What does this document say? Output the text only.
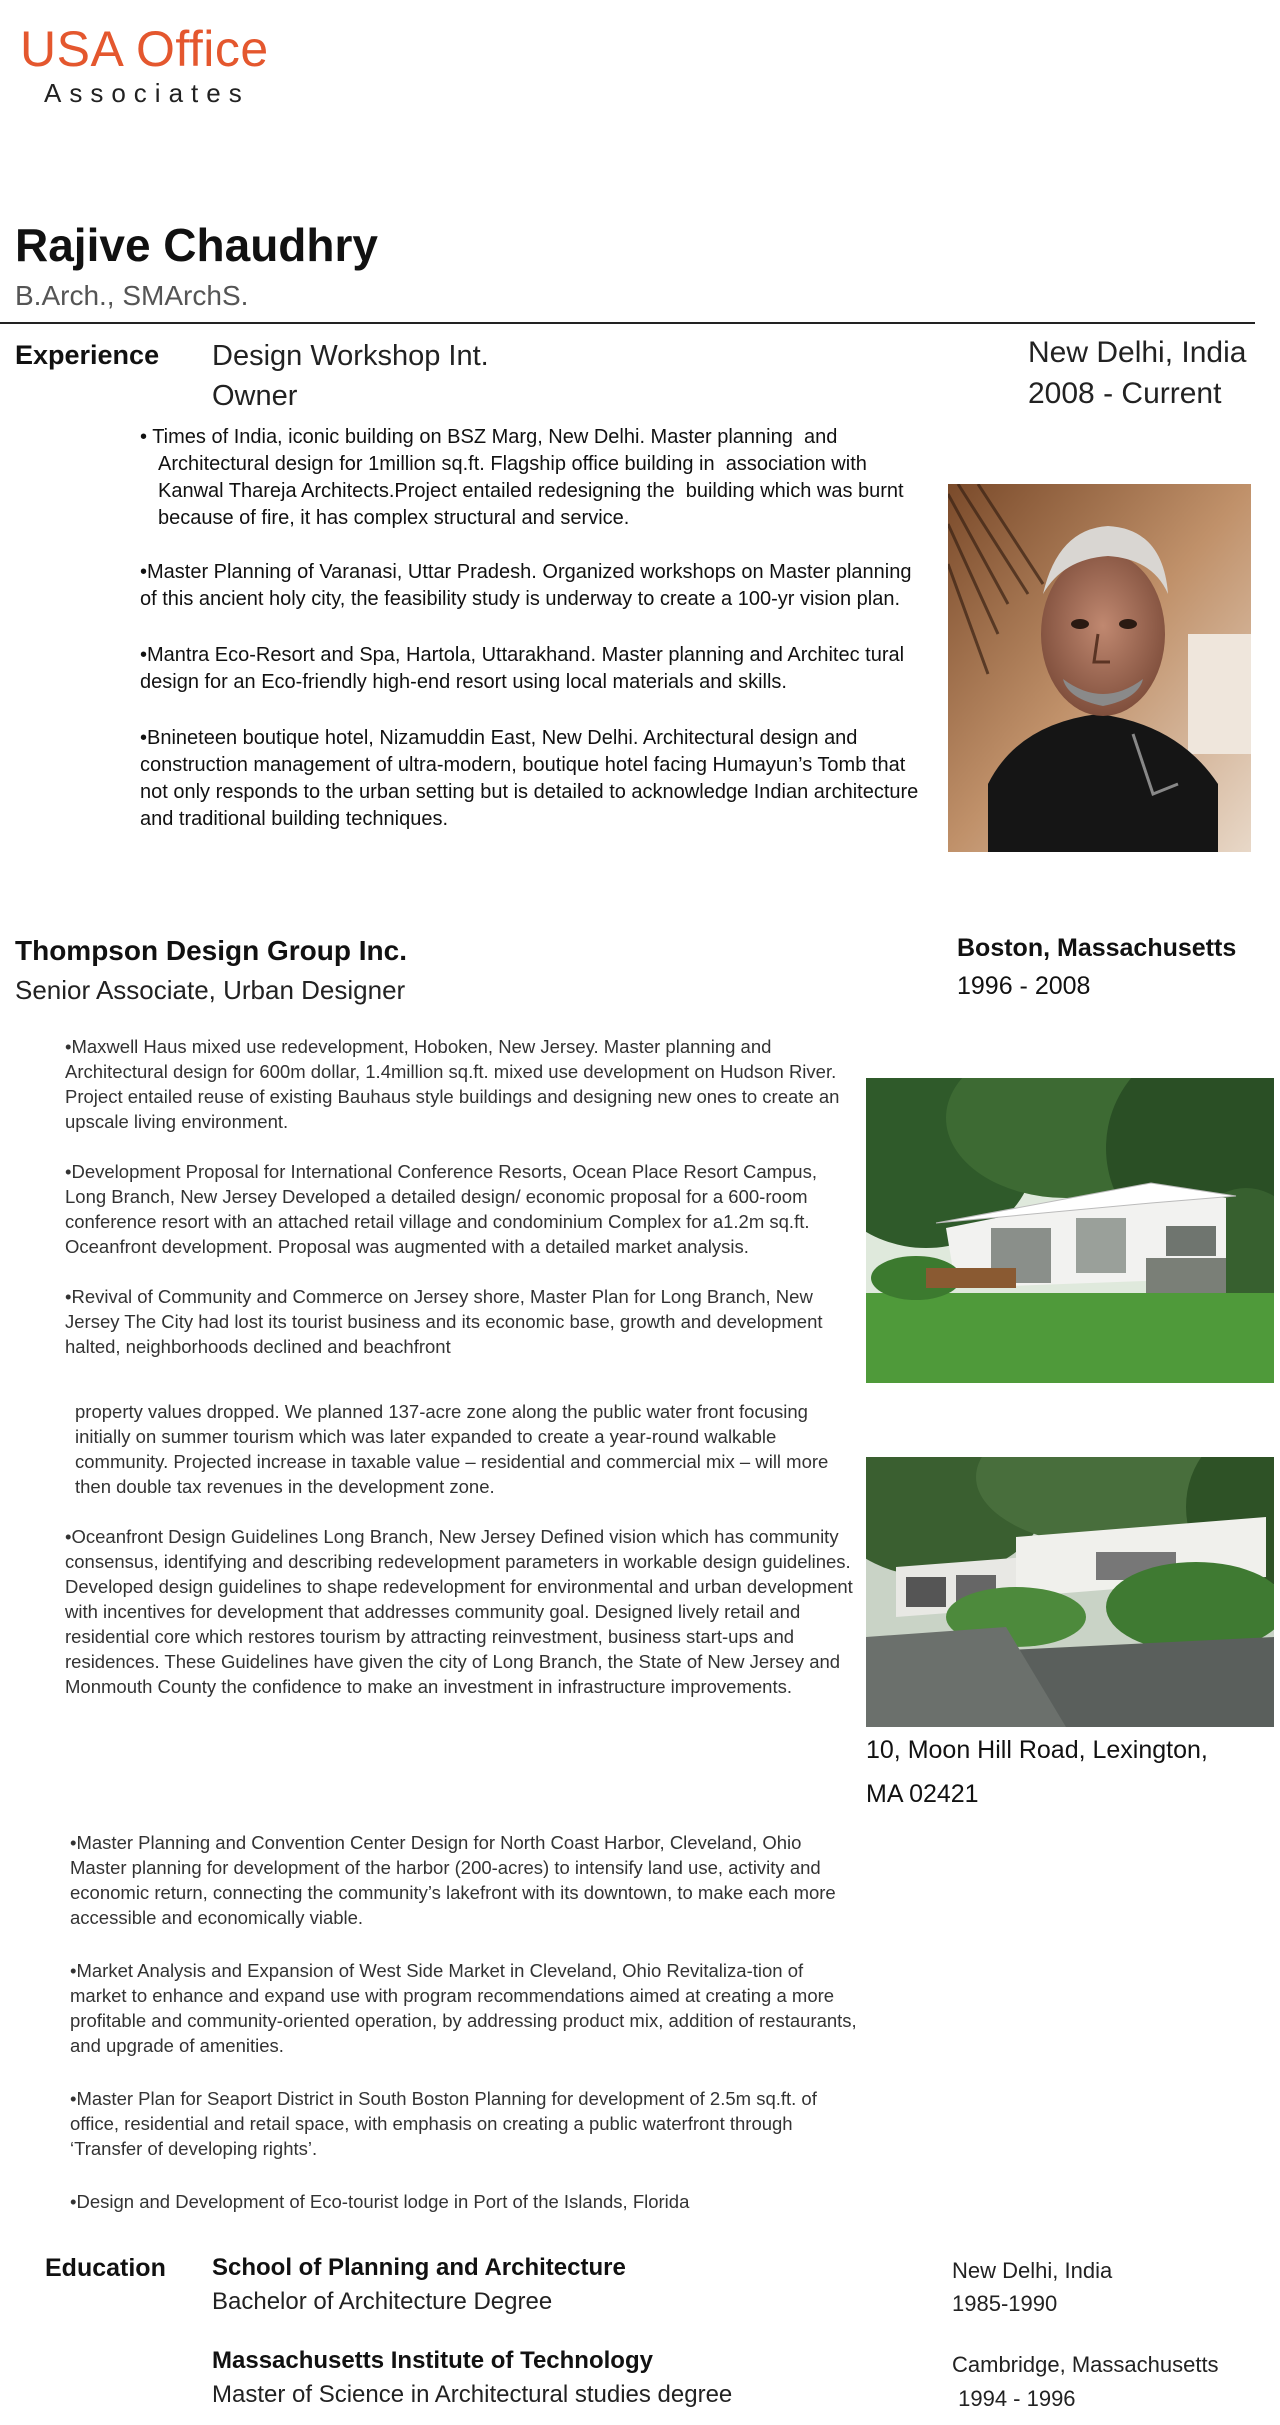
USA Office
Associates
Rajive Chaudhry
B.Arch., SMArchS.
Experience Design Workshop Int.
Owner
New Delhi, India
2008 - Current

• Times of India, iconic building on BSZ Marg, New Delhi. Master planning  and Architectural design for 1million sq.ft. Flagship office building in  association with Kanwal Thareja Architects.Project entailed redesigning the  building which was burnt because of fire, it has complex structural and service.

•Master Planning of Varanasi, Uttar Pradesh. Organized workshops on Master planning of this ancient holy city, the feasibility study is underway to create a 100-yr vision plan.

•Mantra Eco-Resort and Spa, Hartola, Uttarakhand. Master planning and Architec tural design for an Eco-friendly high-end resort using local materials and skills.

•Bnineteen boutique hotel, Nizamuddin East, New Delhi. Architectural design and construction management of ultra-modern, boutique hotel facing Humayun’s Tomb that not only responds to the urban setting but is detailed to acknowledge Indian architecture and traditional building techniques.

Thompson Design Group Inc.
Senior Associate, Urban Designer
Boston, Massachusetts
1996 - 2008

•Maxwell Haus mixed use redevelopment, Hoboken, New Jersey. Master planning and Architectural design for 600m dollar, 1.4million sq.ft. mixed use development on Hudson River. Project entailed reuse of existing Bauhaus style buildings and designing new ones to create an upscale living environment.

•Development Proposal for International Conference Resorts, Ocean Place Resort Campus, Long Branch, New Jersey Developed a detailed design/ economic proposal for a 600-room conference resort with an attached retail village and condominium Complex for a1.2m sq.ft. Oceanfront development. Proposal was augmented with a detailed market analysis.

•Revival of Community and Commerce on Jersey shore, Master Plan for Long Branch, New Jersey The City had lost its tourist business and its economic base, growth and development halted, neighborhoods declined and beachfront

property values dropped. We planned 137-acre zone along the public water front focusing initially on summer tourism which was later expanded to create a year-round walkable community. Projected increase in taxable value – residential and commercial mix – will more then double tax revenues in the development zone.

•Oceanfront Design Guidelines Long Branch, New Jersey Defined vision which has community consensus, identifying and describing redevelopment parameters in workable design guidelines. Developed design guidelines to shape redevelopment for environmental and urban development with incentives for development that addresses community goal. Designed lively retail and residential core which restores tourism by attracting reinvestment, business start-ups and residences. These Guidelines have given the city of Long Branch, the State of New Jersey and Monmouth County the confidence to make an investment in infrastructure improvements.

•Master Planning and Convention Center Design for North Coast Harbor, Cleveland, Ohio Master planning for development of the harbor (200-acres) to intensify land use, activity and economic return, connecting the community’s lakefront with its downtown, to make each more accessible and economically viable.

•Market Analysis and Expansion of West Side Market in Cleveland, Ohio Revitaliza-tion of market to enhance and expand use with program recommendations aimed at creating a more profitable and community-oriented operation, by addressing product mix, addition of restaurants, and upgrade of amenities.

•Master Plan for Seaport District in South Boston Planning for development of 2.5m sq.ft. of office, residential and retail space, with emphasis on creating a public waterfront through ‘Transfer of developing rights’.

•Design and Development of Eco-tourist lodge in Port of the Islands, Florida

10, Moon Hill Road, Lexington,
MA 02421
Education School of Planning and Architecture
Bachelor of Architecture Degree
New Delhi, India
1985-1990
Massachusetts Institute of Technology
Master of Science in Architectural studies degree
Cambridge, Massachusetts
1994 - 1996
